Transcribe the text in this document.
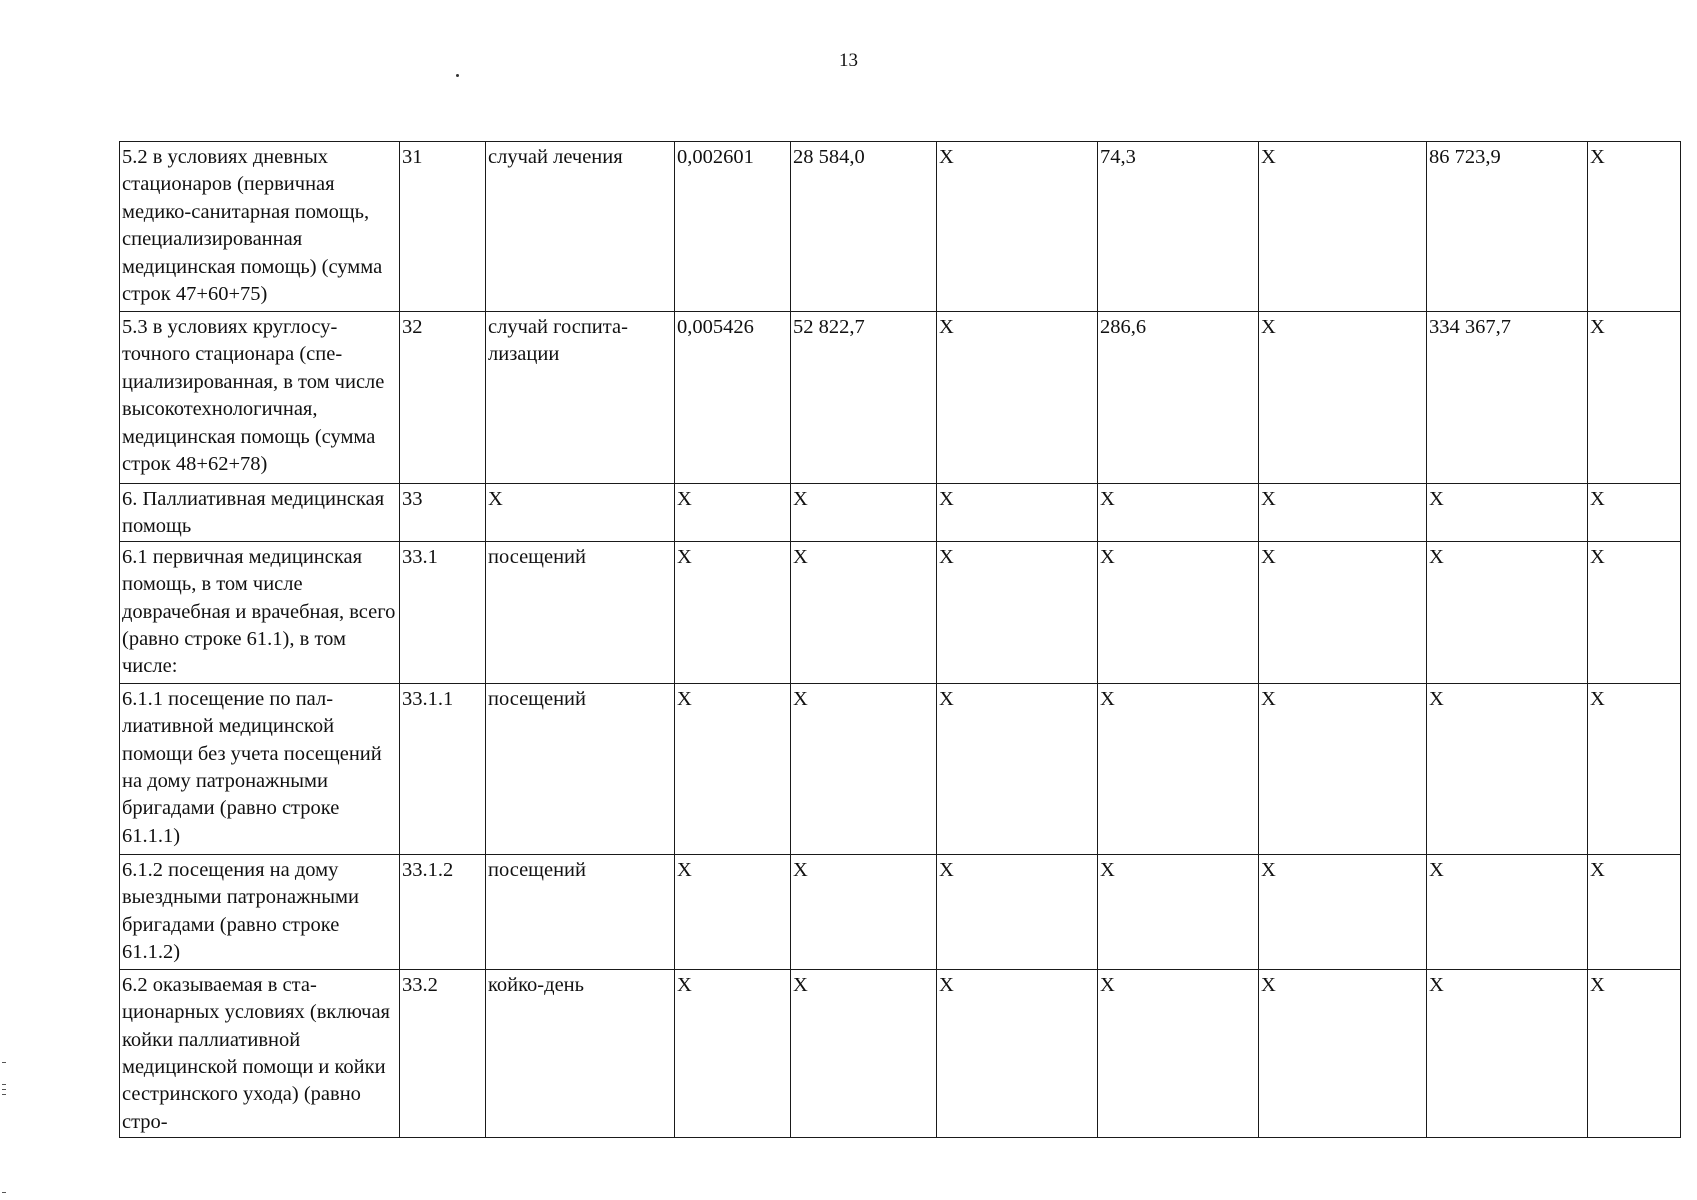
13
5.2 в условиях дневных стационаров (первичная медико-санитарная помощь, специализированная медицинская помощь) (сумма строк 47+60+75)	31	случай лечения	0,002601	28 584,0	X	74,3	X	86 723,9	X
5.3 в условиях круглосуточного стационара (специализированная, в том числе высокотехнологичная, медицинская помощь (сумма строк 48+62+78)	32	случай госпитализации	0,005426	52 822,7	X	286,6	X	334 367,7	X
6. Паллиативная медицинская помощь	33	X	X	X	X	X	X	X	X
6.1 первичная медицинская помощь, в том числе доврачебная и врачебная, всего (равно строке 61.1), в том числе:	33.1	посещений	X	X	X	X	X	X	X
6.1.1 посещение по паллиативной медицинской помощи без учета посещений на дому патронажными бригадами (равно строке 61.1.1)	33.1.1	посещений	X	X	X	X	X	X	X
6.1.2 посещения на дому выездными патронажными бригадами (равно строке 61.1.2)	33.1.2	посещений	X	X	X	X	X	X	X
6.2 оказываемая в стационарных условиях (включая койки паллиативной медицинской помощи и койки сестринского ухода) (равно стро-	33.2	койко-день	X	X	X	X	X	X	X
